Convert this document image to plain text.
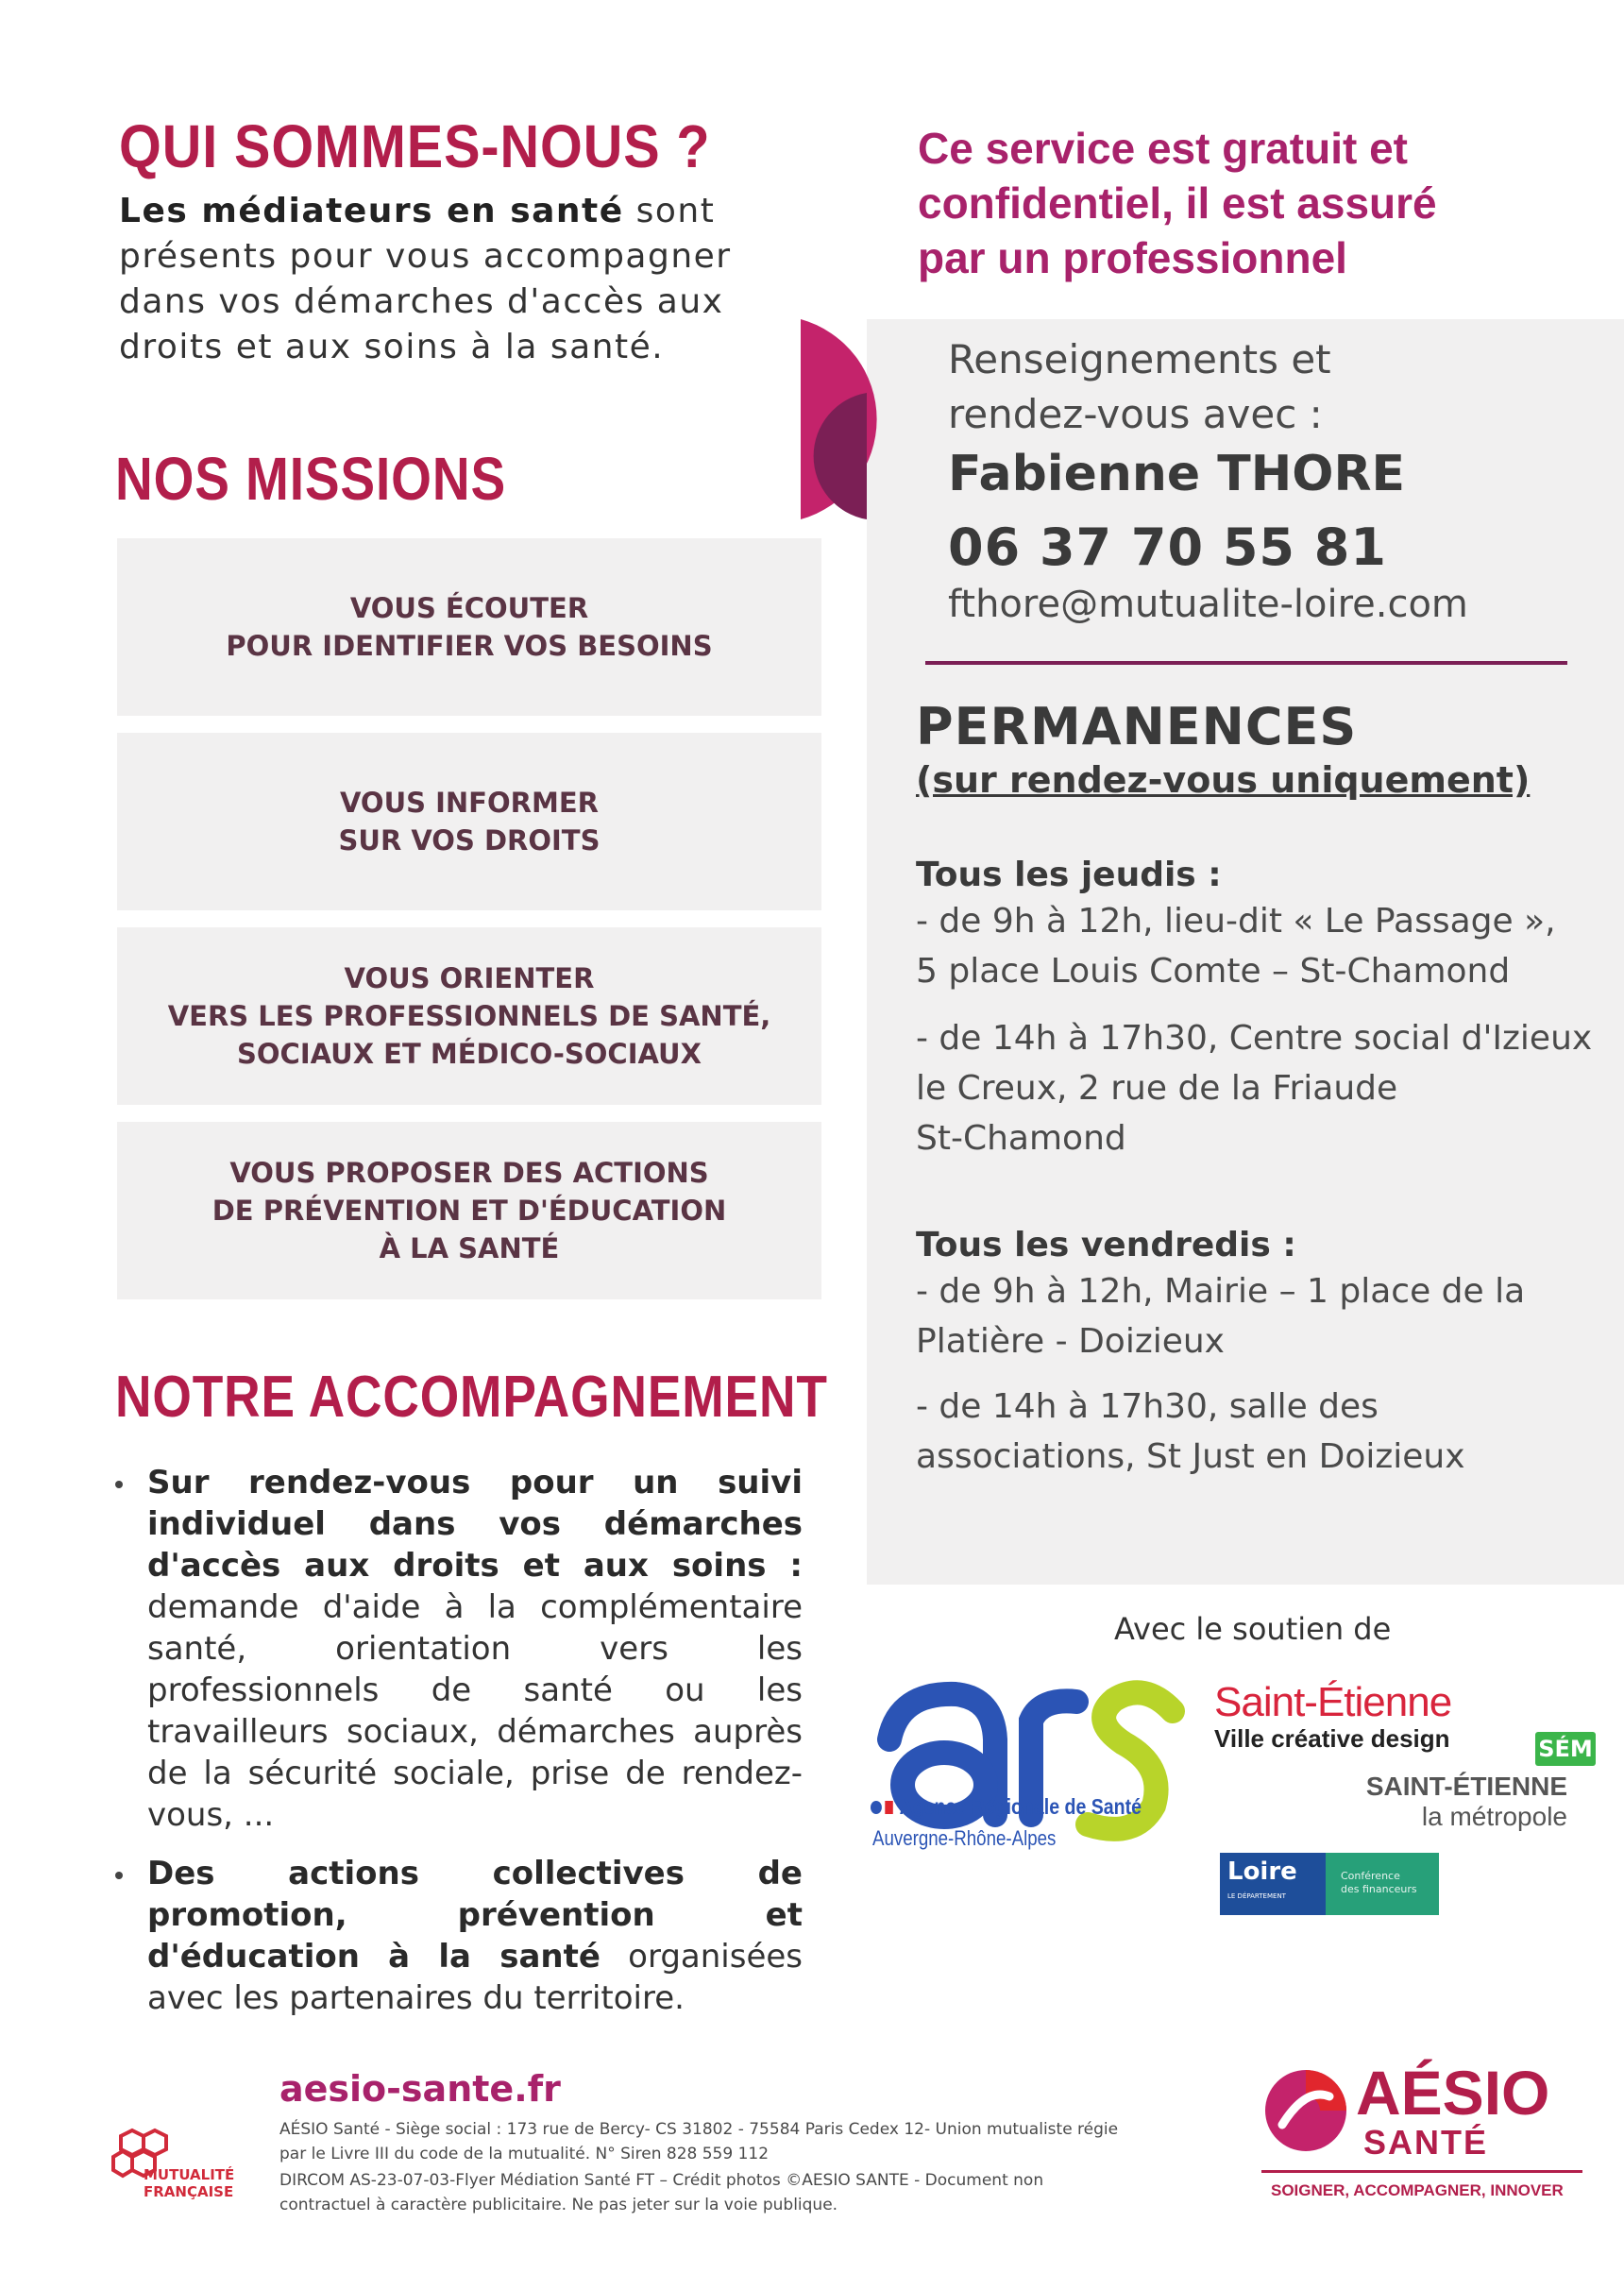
QUI SOMMES-NOUS ?
Les médiateurs en santé sont
présents pour vous accompagner
dans vos démarches d'accès aux
droits et aux soins à la santé.
NOS MISSIONS
VOUS ÉCOUTER
POUR IDENTIFIER VOS BESOINS
VOUS INFORMER
SUR VOS DROITS
VOUS ORIENTER
VERS LES PROFESSIONNELS DE SANTÉ,
SOCIAUX ET MÉDICO-SOCIAUX
VOUS PROPOSER DES ACTIONS
DE PRÉVENTION ET D'ÉDUCATION
À LA SANTÉ
NOTRE ACCOMPAGNEMENT
Sur rendez-vous pour un suivi individuel dans vos démarches d'accès aux droits et aux soins : demande d'aide à la complémentaire santé, orientation vers les professionnels de santé ou les travailleurs sociaux, démarches auprès de la sécurité sociale, prise de rendez-vous, ...
Des actions collectives de promotion, prévention et d'éducation à la santé organisées avec les partenaires du territoire.
Ce service est gratuit et
confidentiel, il est assuré
par un professionnel
Renseignements et
rendez-vous avec :
Fabienne THORE
06 37 70 55 81
fthore@mutualite-loire.com
PERMANENCES
(sur rendez-vous uniquement)
Tous les jeudis :
- de 9h à 12h, lieu-dit « Le Passage »,
5 place Louis Comte – St-Chamond
- de 14h à 17h30, Centre social d'Izieux
le Creux, 2 rue de la Friaude
St-Chamond
Tous les vendredis :
- de 9h à 12h, Mairie – 1 place de la
Platière - Doizieux
- de 14h à 17h30, salle des
associations, St Just en Doizieux
Avec le soutien de
Agence Régionale de Santé
Auvergne-Rhône-Alpes
Saint-Étienne
Ville créative design	SÉM
SAINT-ÉTIENNE
la métropole
Loire
LE DÉPARTEMENT
Conférence
des financeurs
aesio-sante.fr
AÉSIO Santé - Siège social : 173 rue de Bercy- CS 31802 - 75584 Paris Cedex 12- Union mutualiste régie
par le Livre III du code de la mutualité. N° Siren 828 559 112
DIRCOM AS-23-07-03-Flyer Médiation Santé FT – Crédit photos ©AESIO SANTE - Document non
contractuel à caractère publicitaire. Ne pas jeter sur la voie publique.
MUTUALITÉ
FRANÇAISE
AÉSIO
SANTÉ
SOIGNER, ACCOMPAGNER, INNOVER
